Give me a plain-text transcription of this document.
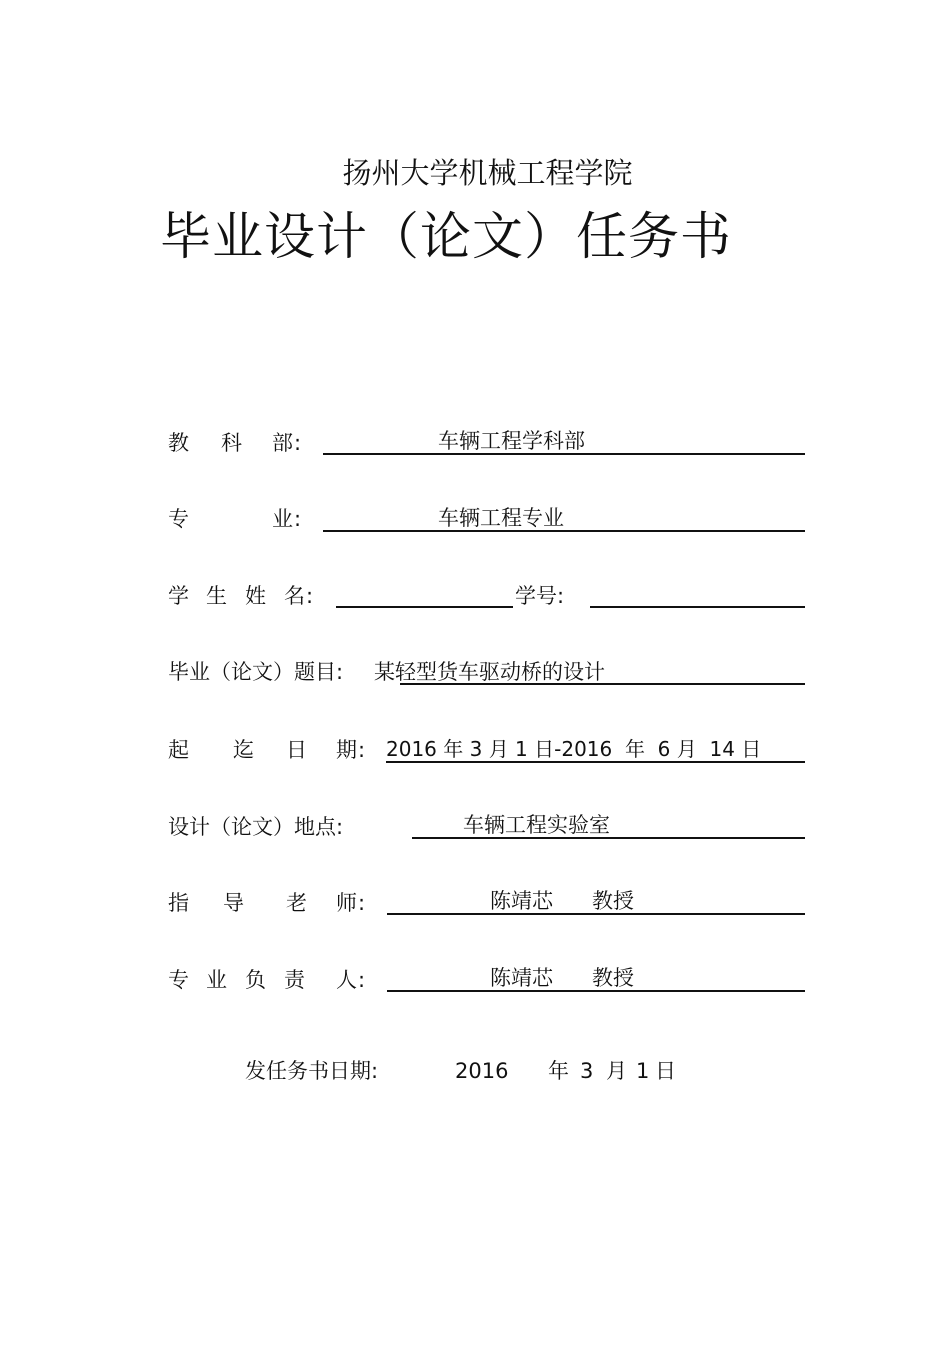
扬州大学机械工程学院
毕业设计（论文）任务书
教 科 部 :	车辆工程学科部
专	业 :	车辆工程专业
学 生 姓 名 :	学号:
毕业（论文）题目: 某轻型货车驱动桥的设计
起 迄 日 期 : 2016 年 3 月 1 日-2016  年  6 月  14 日
设计（论文）地点:	车辆工程实验室
指 导 老 师 :	陈靖芯 教授
专 业 负 责 人 :	陈靖芯 教授
发任务书日期:	2016 年 3 月 1 日
